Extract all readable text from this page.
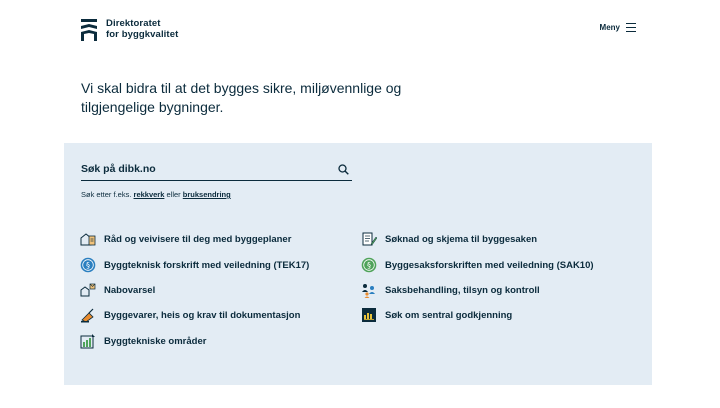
Direktoratet
for byggkvalitet
Meny
Vi skal bidra til at det bygges sikre, miljøvennlige og tilgjengelige bygninger.
Søk på dibk.no
Søk etter f.eks. rekkverk eller bruksendring
Råd og veivisere til deg med byggeplaner
§ Byggteknisk forskrift med veiledning (TEK17)
Nabovarsel
Byggevarer, heis og krav til dokumentasjon
Byggtekniske områder
Søknad og skjema til byggesaken
§ Byggesaksforskriften med veiledning (SAK10)
Saksbehandling, tilsyn og kontroll
Søk om sentral godkjenning
